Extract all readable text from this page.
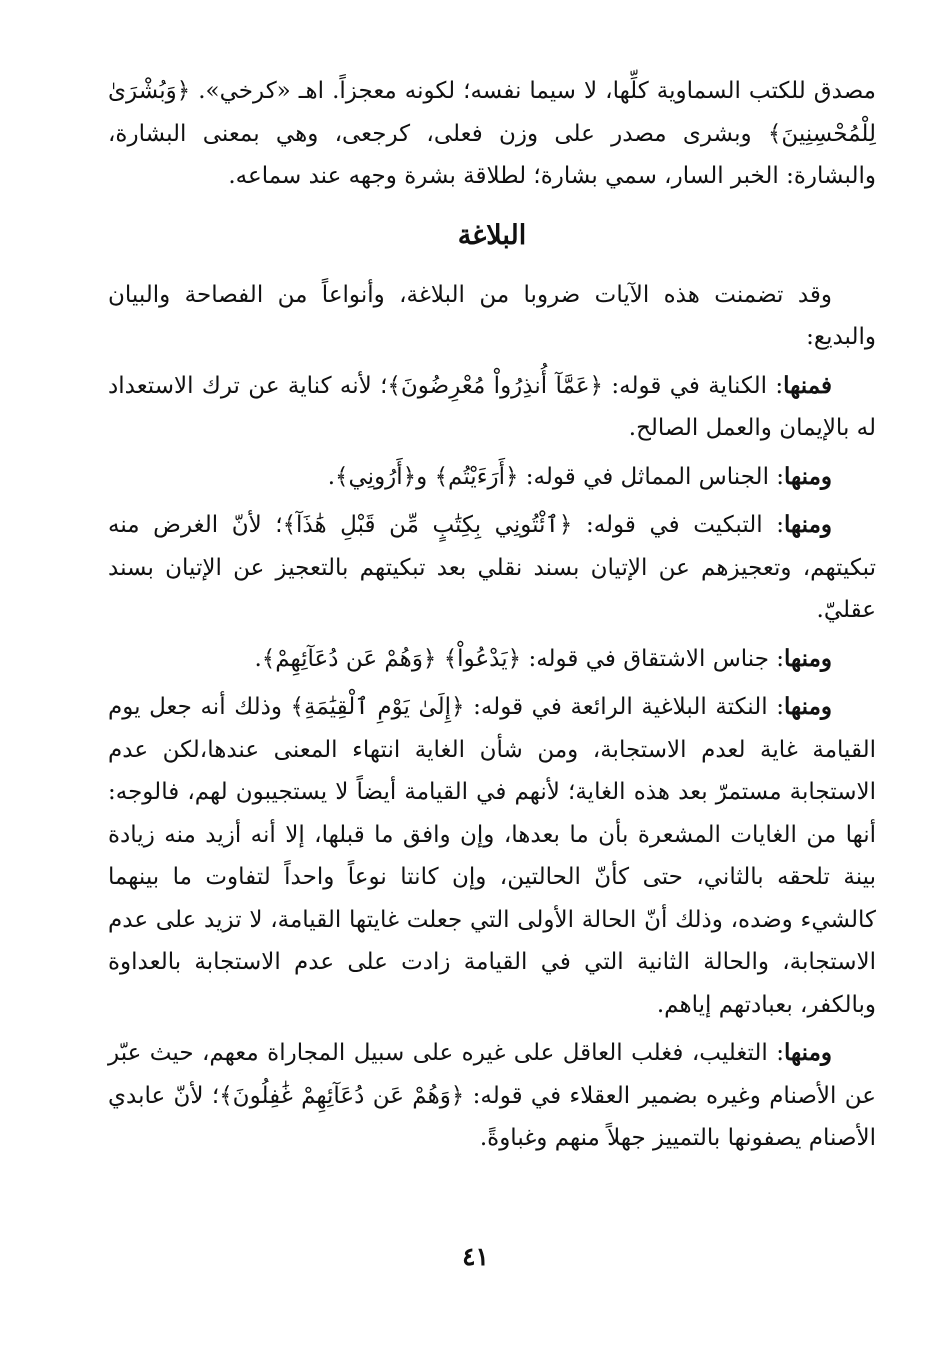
مصدق للكتب السماوية كلِّها، لا سيما نفسه؛ لكونه معجزاً. اهـ «كرخي». ﴿وَبُشْرَىٰ لِلْمُحْسِنِينَ﴾ وبشرى مصدر على وزن فعلى، كرجعى، وهي بمعنى البشارة، والبشارة: الخبر السار، سمي بشارة؛ لطلاقة بشرة وجهه عند سماعه.

البلاغة

وقد تضمنت هذه الآيات ضروبا من البلاغة، وأنواعاً من الفصاحة والبيان والبديع:

فمنها: الكناية في قوله: ﴿عَمَّآ أُنذِرُواْ مُعْرِضُونَ﴾؛ لأنه كناية عن ترك الاستعداد له بالإيمان والعمل الصالح.

ومنها: الجناس المماثل في قوله: ﴿أَرَءَيْتُم﴾ و﴿أَرُونِي﴾.

ومنها: التبكيت في قوله: ﴿ٱئْتُونِي بِكِتَٰبٍ مِّن قَبْلِ هَٰذَآ﴾؛ لأنّ الغرض منه تبكيتهم، وتعجيزهم عن الإتيان بسند نقلي بعد تبكيتهم بالتعجيز عن الإتيان بسند عقليّ.

ومنها: جناس الاشتقاق في قوله: ﴿يَدْعُواْ﴾ ﴿وَهُمْ عَن دُعَآئِهِمْ﴾.

ومنها: النكتة البلاغية الرائعة في قوله: ﴿إِلَىٰ يَوْمِ ٱلْقِيَٰمَةِ﴾ وذلك أنه جعل يوم القيامة غاية لعدم الاستجابة، ومن شأن الغاية انتهاء المعنى عندها،لكن عدم الاستجابة مستمرّ بعد هذه الغاية؛ لأنهم في القيامة أيضاً لا يستجيبون لهم، فالوجه: أنها من الغايات المشعرة بأن ما بعدها، وإن وافق ما قبلها، إلا أنه أزيد منه زيادة بينة تلحقه بالثاني، حتى كأنّ الحالتين، وإن كانتا نوعاً واحداً لتفاوت ما بينهما كالشيء وضده، وذلك أنّ الحالة الأولى التي جعلت غايتها القيامة، لا تزيد على عدم الاستجابة، والحالة الثانية التي في القيامة زادت على عدم الاستجابة بالعداوة وبالكفر، بعبادتهم إياهم.

ومنها: التغليب، فغلب العاقل على غيره على سبيل المجاراة معهم، حيث عبّر عن الأصنام وغيره بضمير العقلاء في قوله: ﴿وَهُمْ عَن دُعَآئِهِمْ غَٰفِلُونَ﴾؛ لأنّ عابدي الأصنام يصفونها بالتمييز جهلاً منهم وغباوةً.

٤١
